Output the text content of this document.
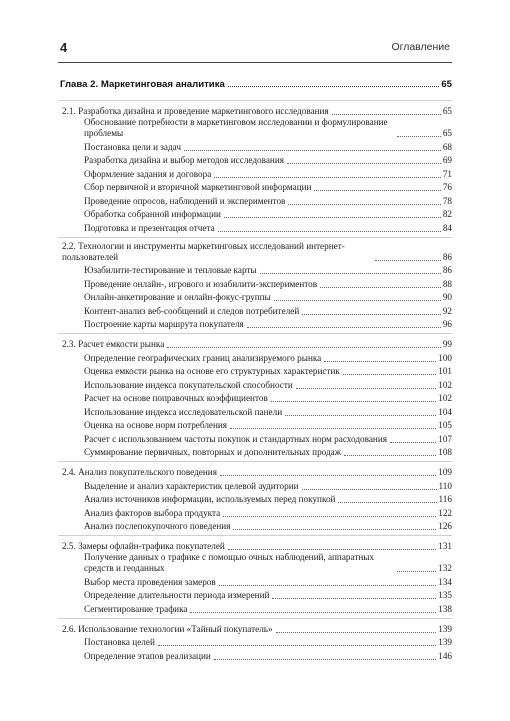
4	Оглавление
Глава 2. Маркетинговая аналитика	65
2.1. Разработка дизайна и проведение маркетингового исследования	65
Обоснование потребности в маркетинговом исследовании и формулирование проблемы	65
Постановка цели и задач	68
Разработка дизайна и выбор методов исследования	69
Оформление задания и договора	71
Сбор первичной и вторичной маркетинговой информации	76
Проведение опросов, наблюдений и экспериментов	78
Обработка собранной информации	82
Подготовка и презентация отчета	84
2.2. Технологии и инструменты маркетинговых исследований интернет-пользователей	86
Юзабилити-тестирование и тепловые карты	86
Проведение онлайн-, игрового и юзабилити-экспериментов	88
Онлайн-анкетирование и онлайн-фокус-группы	90
Контент-анализ веб-сообщений и следов потребителей	92
Построение карты маршрута покупателя	96
2.3. Расчет емкости рынка	99
Определение географических границ анализируемого рынка	100
Оценка емкости рынка на основе его структурных характеристик	101
Использование индекса покупательской способности	102
Расчет на основе поправочных коэффициентов	102
Использование индекса исследовательской панели	104
Оценка на основе норм потребления	105
Расчет с использованием частоты покупок и стандартных норм расходования	107
Суммирование первичных, повторных и дополнительных продаж	108
2.4. Анализ покупательского поведения	109
Выделение и анализ характеристик целевой аудитории	110
Анализ источников информации, используемых перед покупкой	116
Анализ факторов выбора продукта	122
Анализ послепокупочного поведения	126
2.5. Замеры офлайн-трафика покупателей	131
Получение данных о трафике с помощью очных наблюдений, аппаратных средств и геоданных	132
Выбор места проведения замеров	134
Определение длительности периода измерений	135
Сегментирование трафика	138
2.6. Использование технологии «Тайный покупатель»	139
Постановка целей	139
Определение этапов реализации	146
